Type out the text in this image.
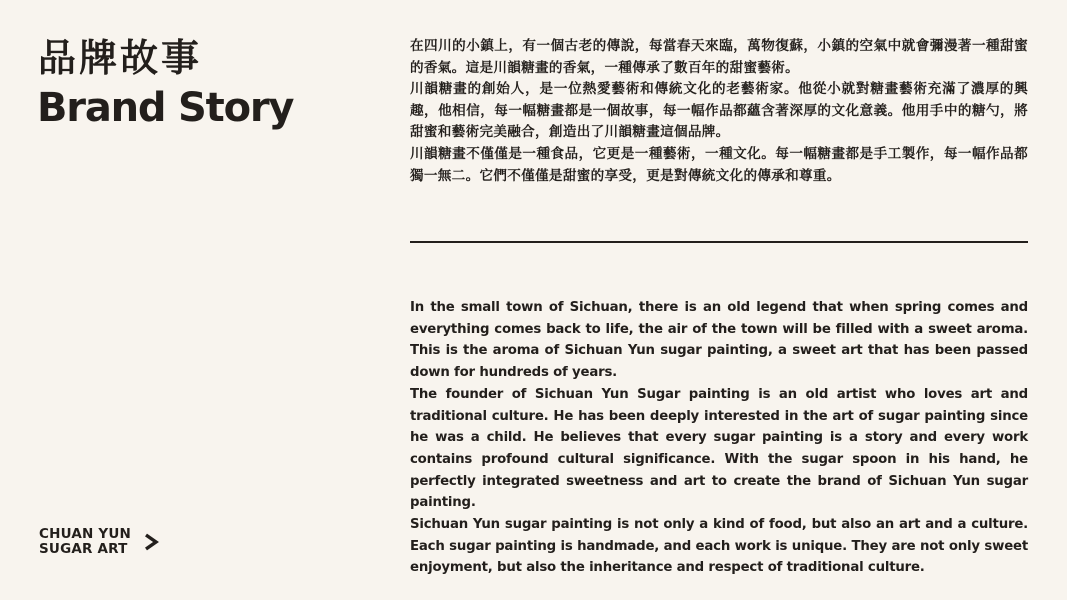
品牌故事
Brand Story

在四川的小鎮上，有一個古老的傳說，每當春天來臨，萬物復蘇，小鎮的空氣中就會彌漫著一種甜蜜的香氣。這是川韻糖畫的香氣，一種傳承了數百年的甜蜜藝術。

川韻糖畫的創始人，是一位熱愛藝術和傳統文化的老藝術家。他從小就對糖畫藝術充滿了濃厚的興趣，他相信，每一幅糖畫都是一個故事，每一幅作品都蘊含著深厚的文化意義。他用手中的糖勺，將甜蜜和藝術完美融合，創造出了川韻糖畫這個品牌。

川韻糖畫不僅僅是一種食品，它更是一種藝術，一種文化。每一幅糖畫都是手工製作，每一幅作品都獨一無二。它們不僅僅是甜蜜的享受，更是對傳統文化的傳承和尊重。

In the small town of Sichuan, there is an old legend that when spring comes and everything comes back to life, the air of the town will be filled with a sweet aroma. This is the aroma of Sichuan Yun sugar painting, a sweet art that has been passed down for hundreds of years.

The founder of Sichuan Yun Sugar painting is an old artist who loves art and traditional culture. He has been deeply interested in the art of sugar painting since he was a child. He believes that every sugar painting is a story and every work contains profound cultural significance. With the sugar spoon in his hand, he perfectly integrated sweetness and art to create the brand of Sichuan Yun sugar painting.

Sichuan Yun sugar painting is not only a kind of food, but also an art and a culture. Each sugar painting is handmade, and each work is unique. They are not only sweet enjoyment, but also the inheritance and respect of traditional culture.

CHUAN YUN
SUGAR ART
